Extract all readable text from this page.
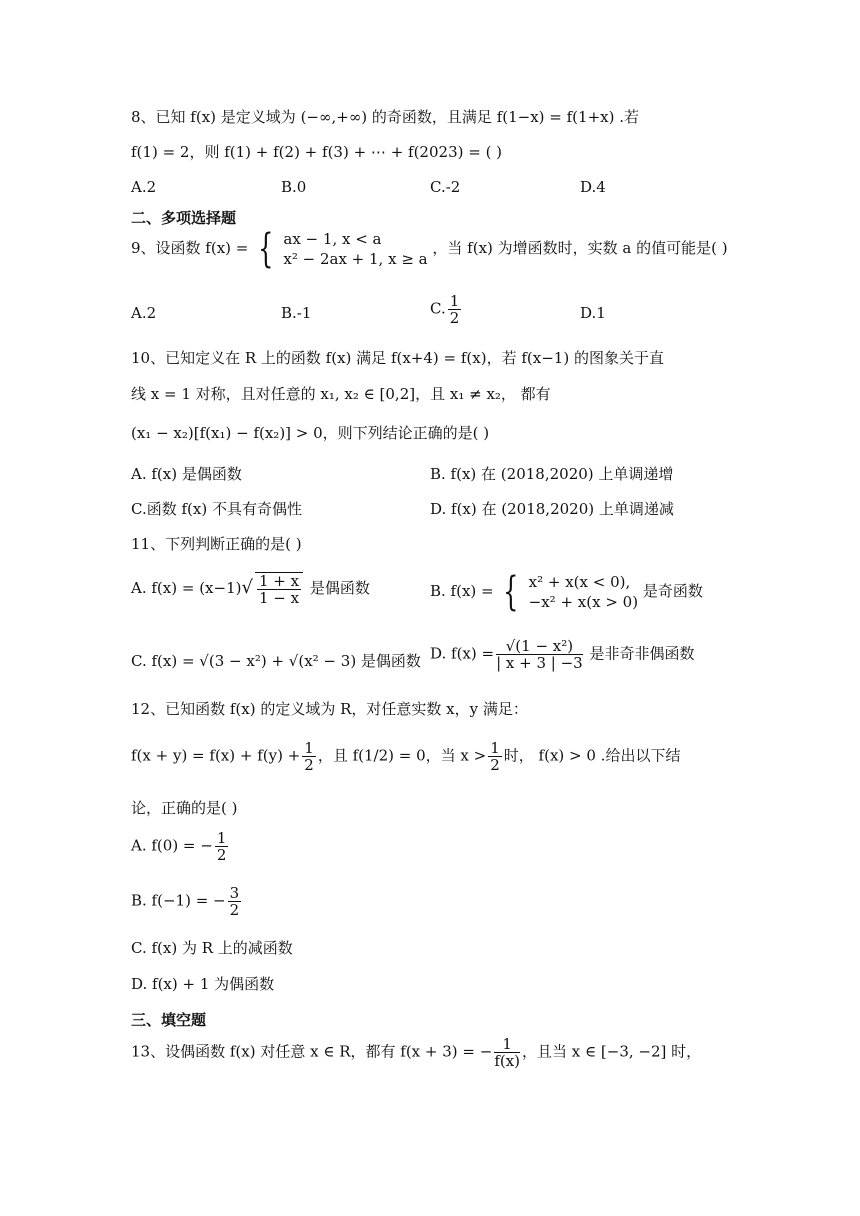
8、已知 f(x) 是定义域为 (−∞,+∞) 的奇函数，且满足 f(1−x) = f(1+x) .若
f(1) = 2，则 f(1) + f(2) + f(3) + ⋯ + f(2023) = ( )
A.2	B.0	C.-2	D.4
二、多项选择题
9、设函数 f(x) = { ax − 1, x < a
x² − 2ax + 1, x ≥ a
，当 f(x) 为增函数时，实数 a 的值可能是( )
A.2	B.-1	C. $\frac{1}{2}$	D.1
10、已知定义在 R 上的函数 f(x) 满足 f(x+4) = f(x)，若 f(x−1) 的图象关于直
线 x = 1 对称，且对任意的 x₁, x₂ ∈ [0,2]，且 x₁ ≠ x₂， 都有
(x₁ − x₂)[f(x₁) − f(x₂)] > 0，则下列结论正确的是( )
A. f(x) 是偶函数	B. f(x) 在 (2018,2020) 上单调递增
C.函数 f(x) 不具有奇偶性	D. f(x) 在 (2018,2020) 上单调递减
11、下列判断正确的是( )
A. $f(x) = (x-1)√ \frac{1 + x}{1 - x}$ 是偶函数	B. f(x) = { x² + x(x < 0),
−x² + x(x > 0)
是奇函数
C. f(x) = √(3 − x²) + √(x² − 3) 是偶函数 D. $f(x) = \frac{\text{√(1 − x²)}}{| x + 3 | -3}$ 是非奇非偶函数
12、已知函数 f(x) 的定义域为 R，对任意实数 x，y 满足：
$f(x + y) = f(x) + f(y) + \frac{1}{2}$ ，且 f(1/2) = 0，当 $x > \frac{1}{2}$ 时， f(x) > 0 .给出以下结
论，正确的是( )
A. f(0) = − $\frac{1}{2}$
B. f(−1) = − $\frac{3}{2}$
C. f(x) 为 R 上的减函数
D. f(x) + 1 为偶函数
三、填空题
13、设偶函数 f(x) 对任意 x ∈ R，都有 f(x + 3) = − $\frac{1}{f(x)}$ ，且当 x ∈ [−3, −2] 时，
